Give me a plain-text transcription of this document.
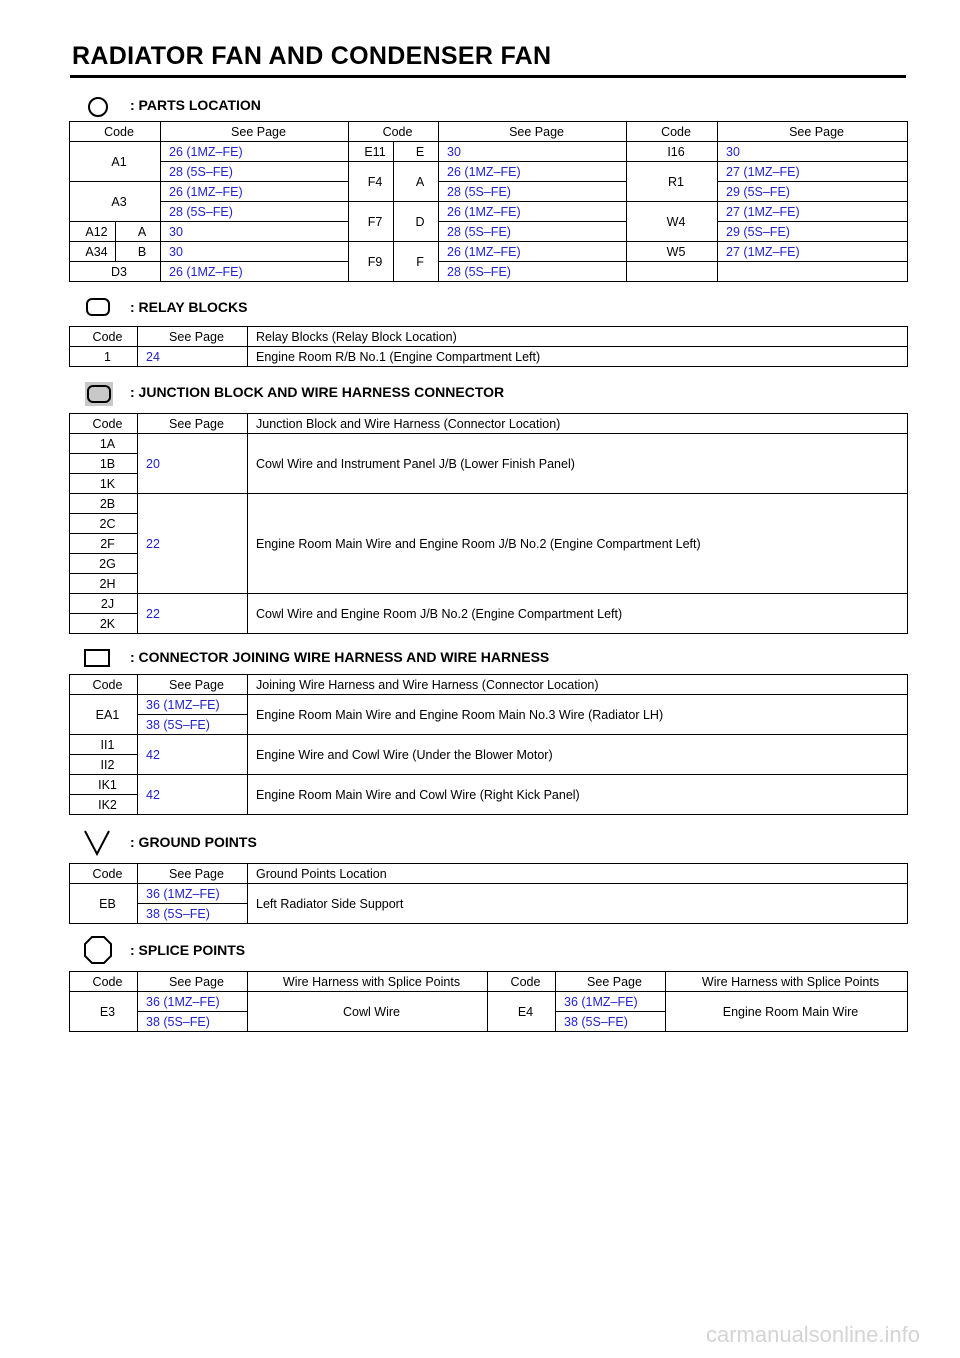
RADIATOR FAN AND CONDENSER FAN
: PARTS LOCATION
Code		See Page	Code		See Page	Code	See Page
A1		26 (1MZ–FE)	E11	E	30	I16	30
		28 (5S–FE)	F4	A	26 (1MZ–FE)	R1	27 (1MZ–FE)
A3		26 (1MZ–FE)			28 (5S–FE)		29 (5S–FE)
		28 (5S–FE)	F7	D	26 (1MZ–FE)	W4	27 (1MZ–FE)
A12	A	30			28 (5S–FE)		29 (5S–FE)
A34	B	30	F9	F	26 (1MZ–FE)	W5	27 (1MZ–FE)
D3		26 (1MZ–FE)			28 (5S–FE)		
: RELAY BLOCKS
Code	See Page	Relay Blocks (Relay Block Location)
1	24	Engine Room R/B No.1 (Engine Compartment Left)
: JUNCTION BLOCK AND WIRE HARNESS CONNECTOR
Code	See Page	Junction Block and Wire Harness (Connector Location)
1A	20	Cowl Wire and Instrument Panel J/B (Lower Finish Panel)
1B		
1K		
2B	22	Engine Room Main Wire and Engine Room J/B No.2 (Engine Compartment Left)
2C		
2F		
2G		
2H		
2J	22	Cowl Wire and Engine Room J/B No.2 (Engine Compartment Left)
2K		
: CONNECTOR JOINING WIRE HARNESS AND WIRE HARNESS
Code	See Page	Joining Wire Harness and Wire Harness (Connector Location)
EA1	36 (1MZ–FE)	Engine Room Main Wire and Engine Room Main No.3 Wire (Radiator LH)
	38 (5S–FE)	
II1	42	Engine Wire and Cowl Wire (Under the Blower Motor)
II2		
IK1	42	Engine Room Main Wire and Cowl Wire (Right Kick Panel)
IK2		
: GROUND POINTS
Code	See Page	Ground Points Location
EB	36 (1MZ–FE)	Left Radiator Side Support
	38 (5S–FE)	
: SPLICE POINTS
Code	See Page	Wire Harness with Splice Points	Code	See Page	Wire Harness with Splice Points
E3	36 (1MZ–FE)	Cowl Wire	E4	36 (1MZ–FE)	Engine Room Main Wire
	38 (5S–FE)			38 (5S–FE)	
carmanualsonline.info
